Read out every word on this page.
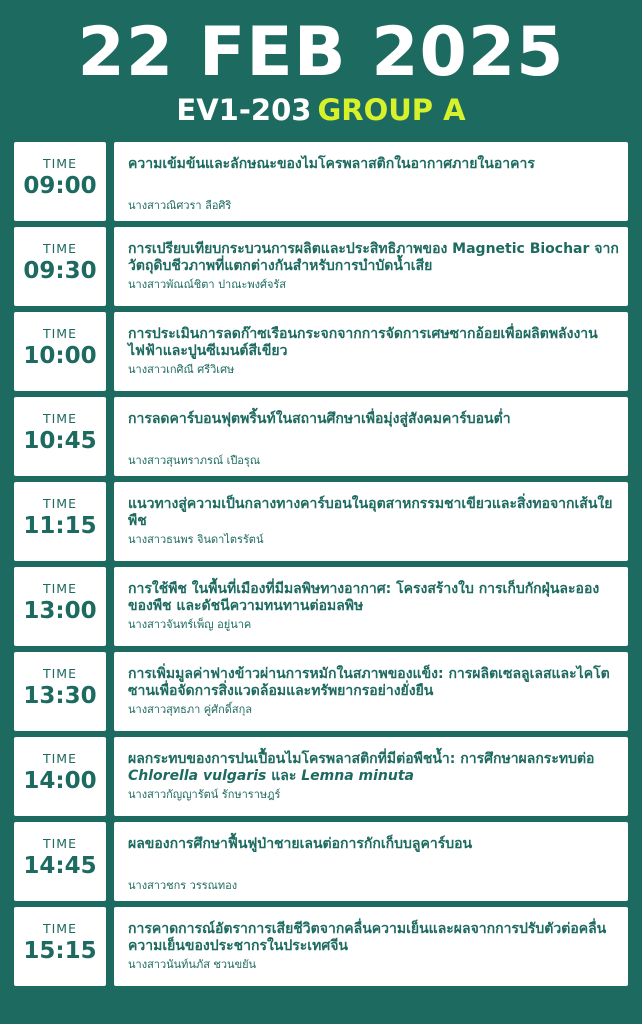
22 FEB 2025
EV1-203 GROUP A
TIME
09:00
ความเข้มข้นและลักษณะของไมโครพลาสติกในอากาศภายในอาคาร
นางสาวณิศวรา ลือศิริ
TIME
09:30
การเปรียบเทียบกระบวนการผลิตและประสิทธิภาพของ Magnetic Biochar จากวัตถุดิบชีวภาพที่แตกต่างกันสำหรับการบำบัดน้ำเสีย
นางสาวพัณณ์ชิตา ปาณะพงศ์จรัส
TIME
10:00
การประเมินการลดก๊าซเรือนกระจกจากการจัดการเศษซากอ้อยเพื่อผลิตพลังงานไฟฟ้าและปูนซีเมนต์สีเขียว
นางสาวเกศิณี ศรีวิเศษ
TIME
10:45
การลดคาร์บอนฟุตพริ้นท์ในสถานศึกษาเพื่อมุ่งสู่สังคมคาร์บอนต่ำ
นางสาวสุนทราภรณ์ เปือรุณ
TIME
11:15
แนวทางสู่ความเป็นกลางทางคาร์บอนในอุตสาหกรรมชาเขียวและสิ่งทอจากเส้นใยพืช
นางสาวธนพร จินดาไตรรัตน์
TIME
13:00
การใช้พืช ในพื้นที่เมืองที่มีมลพิษทางอากาศ: โครงสร้างใบ การเก็บกักฝุ่นละอองของพืช และดัชนีความทนทานต่อมลพิษ
นางสาวจันทร์เพ็ญ อยู่นาค
TIME
13:30
การเพิ่มมูลค่าฟางข้าวผ่านการหมักในสภาพของแข็ง: การผลิตเซลลูเลสและไคโตซานเพื่อจัดการสิ่งแวดล้อมและทรัพยากรอย่างยั่งยืน
นางสาวสุทธภา คู่ศักดิ์สกุล
TIME
14:00
ผลกระทบของการปนเปื้อนไมโครพลาสติกที่มีต่อพืชน้ำ: การศึกษาผลกระทบต่อ Chlorella vulgaris และ Lemna minuta
นางสาวกัญญารัตน์ รักษาราษฎร์
TIME
14:45
ผลของการศึกษาฟื้นฟูป่าชายเลนต่อการกักเก็บบลูคาร์บอน
นางสาวชกร วรรณทอง
TIME
15:15
การคาดการณ์อัตราการเสียชีวิตจากคลื่นความเย็นและผลจากการปรับตัวต่อคลื่นความเย็นของประชากรในประเทศจีน
นางสาวนันท์นภัส ชวนขยัน
